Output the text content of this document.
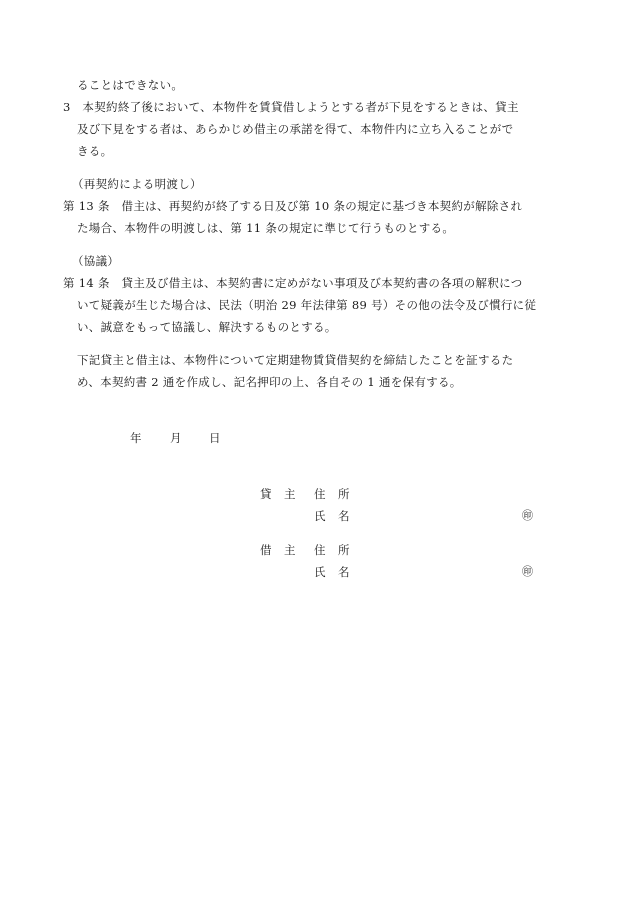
ることはできない。
3　本契約終了後において、本物件を賃貸借しようとする者が下見をするときは、貸主
及び下見をする者は、あらかじめ借主の承諾を得て、本物件内に立ち入ることがで
きる。
（再契約による明渡し）
第 13 条　借主は、再契約が終了する日及び第 10 条の規定に基づき本契約が解除され
た場合、本物件の明渡しは、第 11 条の規定に準じて行うものとする。
（協議）
第 14 条　貸主及び借主は、本契約書に定めがない事項及び本契約書の各項の解釈につ
いて疑義が生じた場合は、民法（明治 29 年法律第 89 号）その他の法令及び慣行に従
い、誠意をもって協議し、解決するものとする。
下記貸主と借主は、本物件について定期建物賃貸借契約を締結したことを証するた
め、本契約書 2 通を作成し、記名押印の上、各自その 1 通を保有する。
年 月 日
貸　主 住　所
氏　名	㊞
借　主 住　所
氏　名	㊞
